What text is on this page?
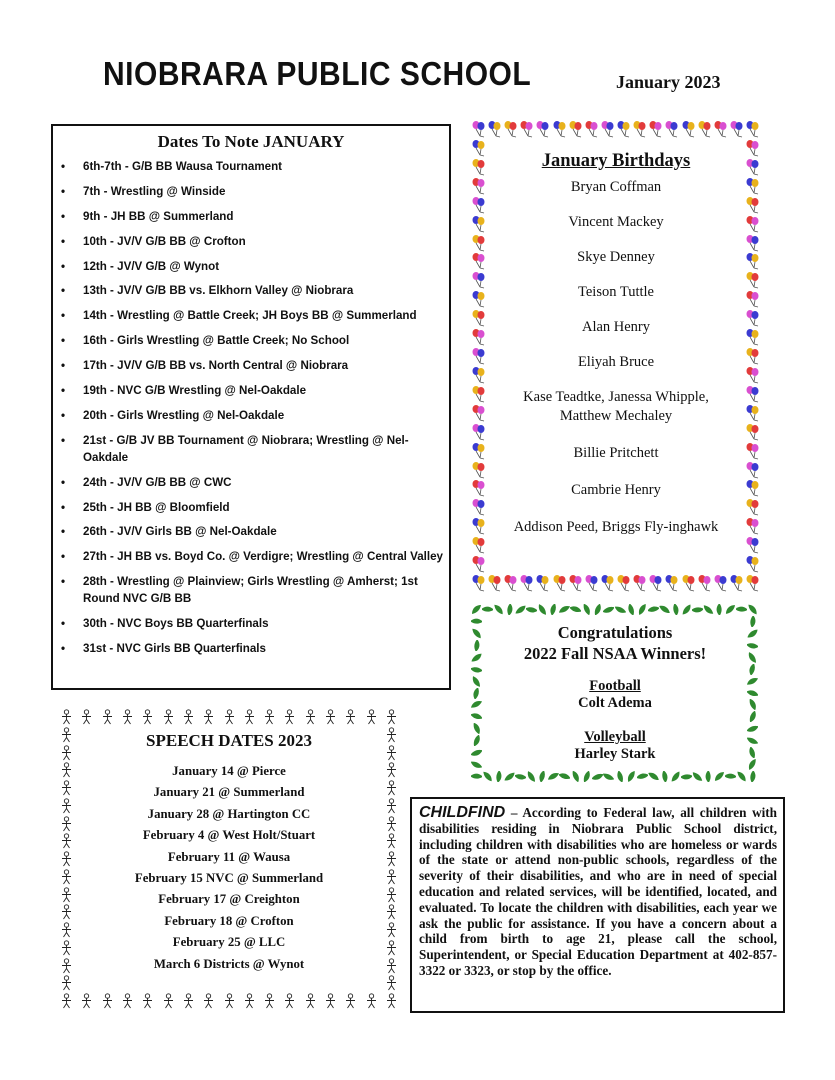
NIOBRARA PUBLIC SCHOOL	January 2023
Dates To Note JANUARY
• 6th-7th - G/B BB Wausa Tournament
• 7th - Wrestling @ Winside
• 9th - JH BB @ Summerland
• 10th - JV/V G/B BB @ Crofton
• 12th - JV/V G/B @ Wynot
• 13th - JV/V G/B BB vs. Elkhorn Valley @ Niobrara
• 14th - Wrestling @ Battle Creek; JH Boys BB @ Summerland
• 16th - Girls Wrestling @ Battle Creek; No School
• 17th - JV/V G/B BB vs. North Central @ Niobrara
• 19th - NVC G/B Wrestling @ Nel-Oakdale
• 20th - Girls Wrestling @ Nel-Oakdale
• 21st - G/B JV BB Tournament @ Niobrara; Wrestling @ Nel-Oakdale
• 24th - JV/V G/B BB @ CWC
• 25th - JH BB @ Bloomfield
• 26th - JV/V Girls BB @ Nel-Oakdale
• 27th - JH BB vs. Boyd Co. @ Verdigre; Wrestling @ Central Valley
• 28th - Wrestling @ Plainview; Girls Wrestling @ Amherst; 1st Round NVC G/B BB
• 30th - NVC Boys BB Quarterfinals
• 31st - NVC Girls BB Quarterfinals
January Birthdays
Bryan Coffman
Vincent Mackey
Skye Denney
Teison Tuttle
Alan Henry
Eliyah Bruce
Kase Teadtke, Janessa Whipple, Matthew Mechaley
Billie Pritchett
Cambrie Henry
Addison Peed, Briggs Fly-inghawk
Congratulations
2022 Fall NSAA Winners!
Football
Colt Adema
Volleyball
Harley Stark
SPEECH DATES 2023
January 14 @ Pierce
January 21 @ Summerland
January 28 @ Hartington CC
February 4 @ West Holt/Stuart
February 11 @ Wausa
February 15 NVC @ Summerland
February 17 @ Creighton
February 18 @ Crofton
February 25 @ LLC
March 6 Districts @ Wynot
CHILDFIND – According to Federal law, all children with disabilities residing in Niobrara Public School district, including children with disabilities who are homeless or wards of the state or attend non-public schools, regardless of the severity of their disabilities, and who are in need of special education and related services, will be identified, located, and evaluated. To locate the children with disabilities, each year we ask the public for assistance. If you have a concern about a child from birth to age 21, please call the school, Superintendent, or Special Education Department at 402-857-3322 or 3323, or stop by the office.
